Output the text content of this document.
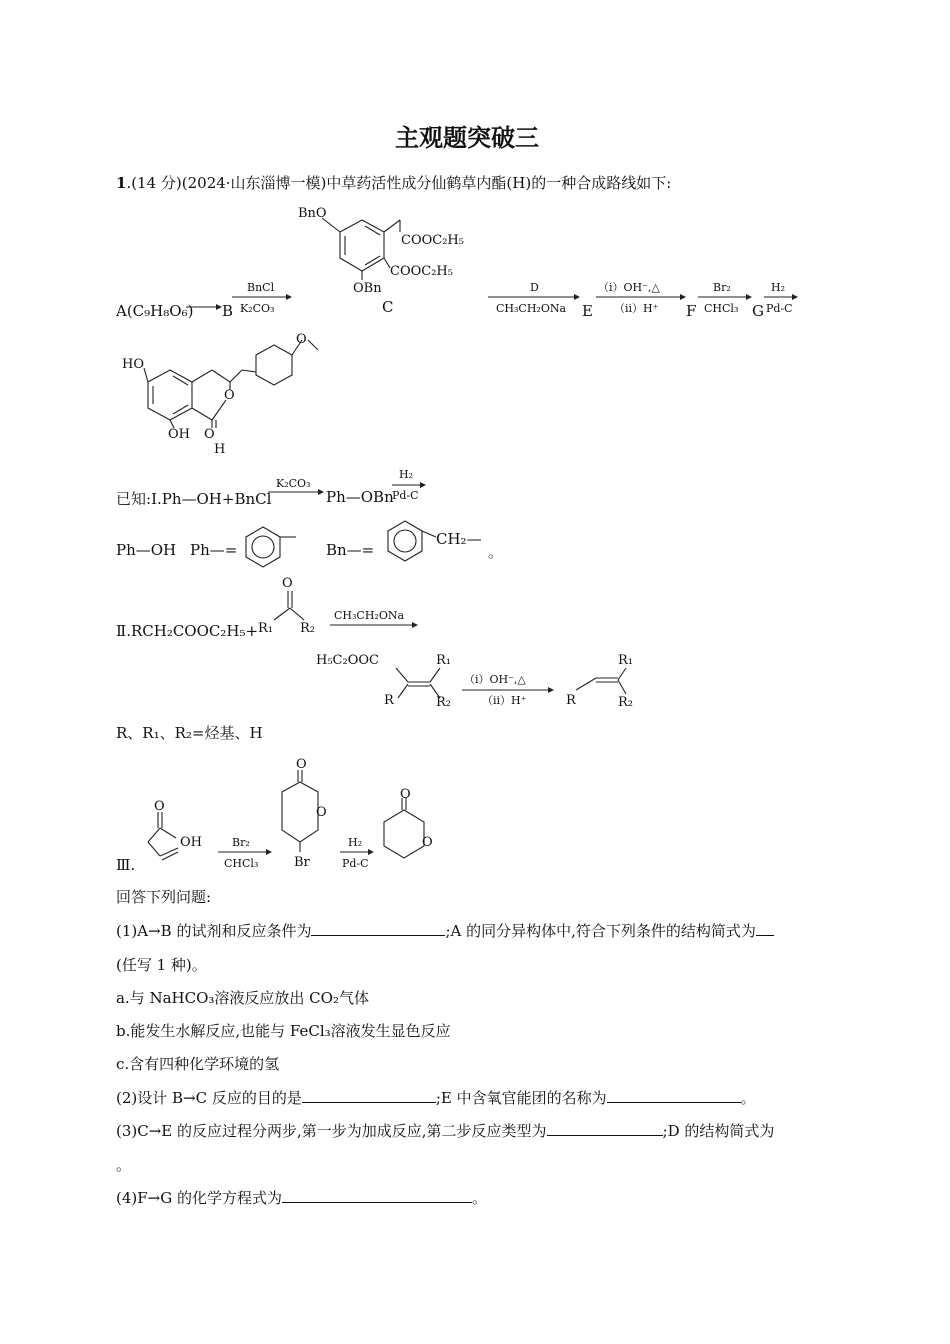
主观题突破三
1.(14 分)(2024·山东淄博一模)中草药活性成分仙鹤草内酯(H)的一种合成路线如下:
BnO
COOC₂H₅
COOC₂H₅
OBn
BnCl
K₂CO₃
D
CH₃CH₂ONa
（ⅰ）OH⁻,△
（ⅱ）H⁺
Br₂
CHCl₃
H₂
Pd-C
HO
OH O
O
O
K₂CO₃
H₂
Pd-C
O
R₁ R₂
CH₃CH₂ONa
H₅C₂OOC	R₁
R	R₂
（ⅰ）OH⁻,△
（ⅱ）H⁺
R₁
R	R₂
O
OH	Br₂
CHCl₃
O
O
Br
H₂
Pd-C
O
O
A(C₉H₈O₆) B	C	E	F	G
H
已知:Ⅰ.Ph—OH+BnCl	Ph—OBn
Ph—OH Ph—=	Bn—=
CH₂—
。
Ⅱ.RCH₂COOC₂H₅+
R、R₁、R₂=烃基、H
Ⅲ.
回答下列问题:
(1)A→B 的试剂和反应条件为	;A 的同分异构体中,符合下列条件的结构简式为
(任写 1 种)。
a.与 NaHCO₃溶液反应放出 CO₂气体
b.能发生水解反应,也能与 FeCl₃溶液发生显色反应
c.含有四种化学环境的氢
(2)设计 B→C 反应的目的是	;E 中含氧官能团的名称为	。
(3)C→E 的反应过程分两步,第一步为加成反应,第二步反应类型为	;D 的结构简式为
。
(4)F→G 的化学方程式为	。
